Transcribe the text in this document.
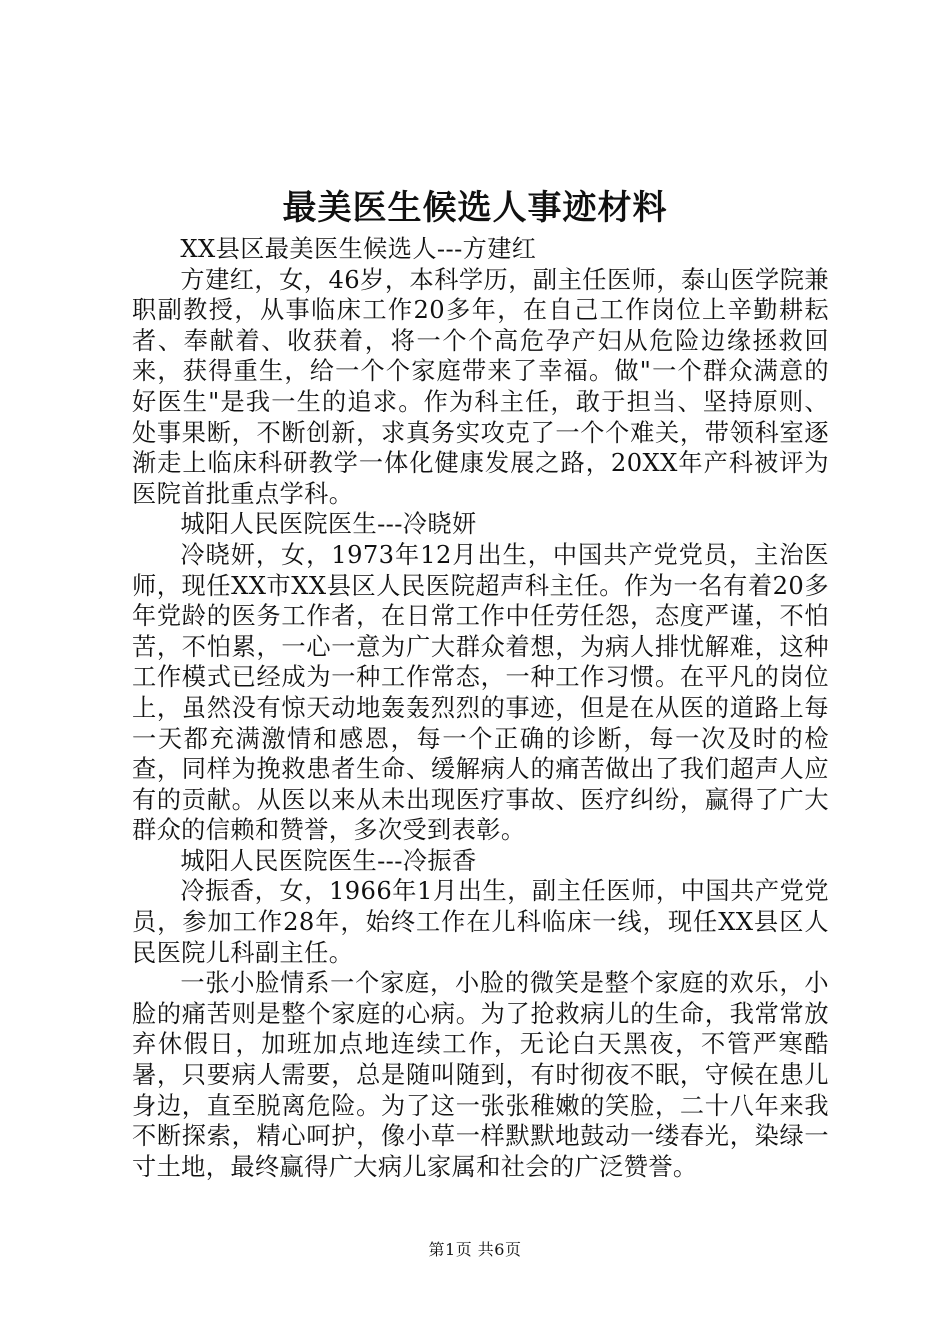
最美医生候选人事迹材料

XX县区最美医生候选人---方建红

方建红，女，46岁，本科学历，副主任医师，泰山医学院兼职副教授，从事临床工作20多年，在自己工作岗位上辛勤耕耘者、奉献着、收获着，将一个个高危孕产妇从危险边缘拯救回来，获得重生，给一个个家庭带来了幸福。做"一个群众满意的好医生"是我一生的追求。作为科主任，敢于担当、坚持原则、处事果断，不断创新，求真务实攻克了一个个难关，带领科室逐渐走上临床科研教学一体化健康发展之路，20XX年产科被评为医院首批重点学科。

城阳人民医院医生---冷晓妍

冷晓妍，女，1973年12月出生，中国共产党党员，主治医师，现任XX市XX县区人民医院超声科主任。作为一名有着20多年党龄的医务工作者，在日常工作中任劳任怨，态度严谨，不怕苦，不怕累，一心一意为广大群众着想，为病人排忧解难，这种工作模式已经成为一种工作常态，一种工作习惯。在平凡的岗位上，虽然没有惊天动地轰轰烈烈的事迹，但是在从医的道路上每一天都充满激情和感恩，每一个正确的诊断，每一次及时的检查，同样为挽救患者生命、缓解病人的痛苦做出了我们超声人应有的贡献。从医以来从未出现医疗事故、医疗纠纷，赢得了广大群众的信赖和赞誉，多次受到表彰。

城阳人民医院医生---冷振香

冷振香，女，1966年1月出生，副主任医师，中国共产党党员，参加工作28年，始终工作在儿科临床一线，现任XX县区人民医院儿科副主任。

一张小脸情系一个家庭，小脸的微笑是整个家庭的欢乐，小脸的痛苦则是整个家庭的心病。为了抢救病儿的生命，我常常放弃休假日，加班加点地连续工作，无论白天黑夜，不管严寒酷暑，只要病人需要，总是随叫随到，有时彻夜不眠，守候在患儿身边，直至脱离危险。为了这一张张稚嫩的笑脸，二十八年来我不断探索，精心呵护，像小草一样默默地鼓动一缕春光，染绿一寸土地，最终赢得广大病儿家属和社会的广泛赞誉。

第1页 共6页
